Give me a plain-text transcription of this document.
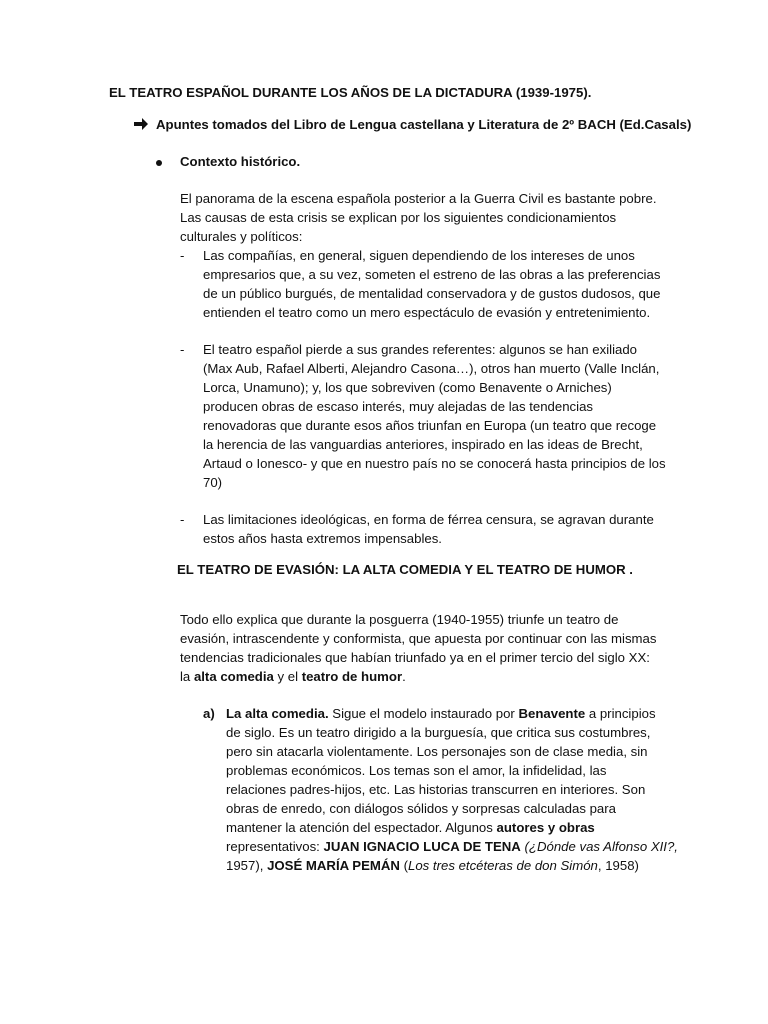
EL TEATRO ESPAÑOL DURANTE LOS AÑOS DE LA DICTADURA (1939-1975).
Apuntes tomados del Libro de Lengua castellana y Literatura de 2º BACH (Ed.Casals)
Contexto histórico.
El panorama de la escena española posterior a la Guerra Civil es bastante pobre.
Las causas de esta crisis se explican por los siguientes condicionamientos
culturales y políticos:
- Las compañías, en general, siguen dependiendo de los intereses de unos
empresarios que, a su vez, someten el estreno de las obras a las preferencias
de un público burgués, de mentalidad conservadora y de gustos dudosos, que
entienden el teatro como un mero espectáculo de evasión y entretenimiento.
- El teatro español pierde a sus grandes referentes: algunos se han exiliado
(Max Aub, Rafael Alberti, Alejandro Casona…), otros han muerto (Valle Inclán,
Lorca, Unamuno); y, los que sobreviven (como Benavente o Arniches)
producen obras de escaso interés, muy alejadas de las tendencias
renovadoras que durante esos años triunfan en Europa (un teatro que recoge
la herencia de las vanguardias anteriores, inspirado en las ideas de Brecht,
Artaud o Ionesco- y que en nuestro país no se conocerá hasta principios de los
70)
- Las limitaciones ideológicas, en forma de férrea censura, se agravan durante
estos años hasta extremos impensables.
EL TEATRO DE EVASIÓN: LA ALTA COMEDIA Y EL TEATRO DE HUMOR .
Todo ello explica que durante la posguerra (1940-1955) triunfe un teatro de
evasión, intrascendente y conformista, que apuesta por continuar con las mismas
tendencias tradicionales que habían triunfado ya en el primer tercio del siglo XX:
la alta comedia y el teatro de humor.
a) La alta comedia. Sigue el modelo instaurado por Benavente a principios
de siglo. Es un teatro dirigido a la burguesía, que critica sus costumbres,
pero sin atacarla violentamente. Los personajes son de clase media, sin
problemas económicos. Los temas son el amor, la infidelidad, las
relaciones padres-hijos, etc. Las historias transcurren en interiores. Son
obras de enredo, con diálogos sólidos y sorpresas calculadas para
mantener la atención del espectador. Algunos autores y obras
representativos: JUAN IGNACIO LUCA DE TENA (¿Dónde vas Alfonso XII?,
1957), JOSÉ MARÍA PEMÁN (Los tres etcéteras de don Simón, 1958)
